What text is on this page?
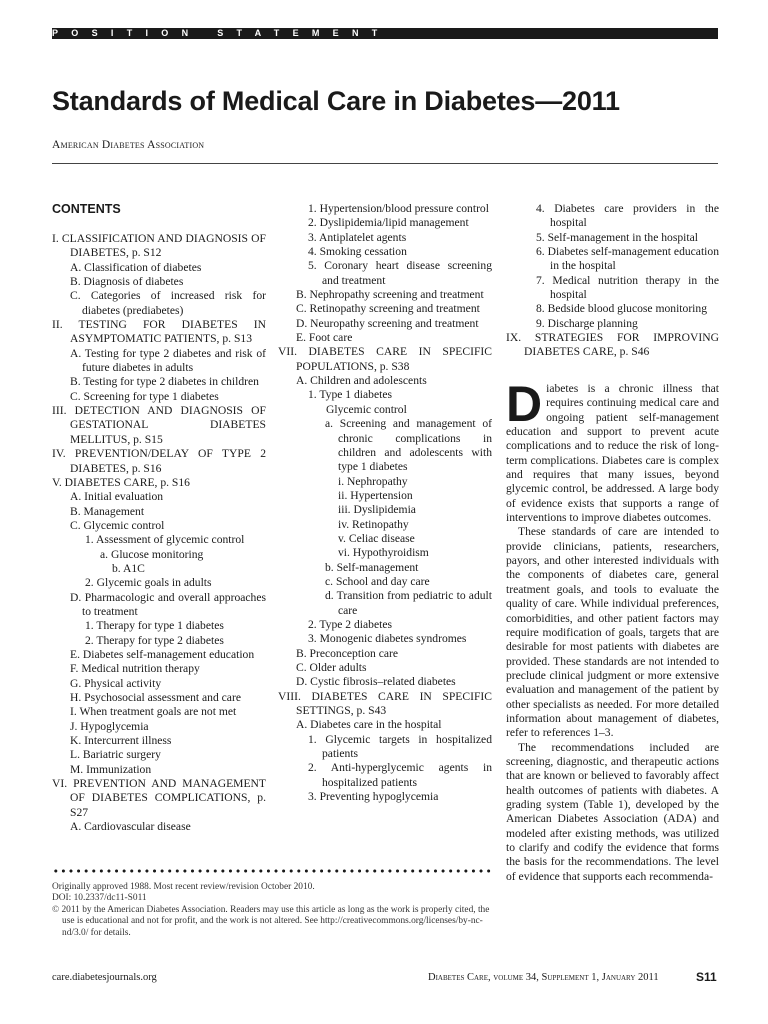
POSITION STATEMENT
Standards of Medical Care in Diabetes—2011
American Diabetes Association
CONTENTS
I. CLASSIFICATION AND DIAGNOSIS OF DIABETES, p. S12
A. Classification of diabetes
B. Diagnosis of diabetes
C. Categories of increased risk for diabetes (prediabetes)
II. TESTING FOR DIABETES IN ASYMPTOMATIC PATIENTS, p. S13
A. Testing for type 2 diabetes and risk of future diabetes in adults
B. Testing for type 2 diabetes in children
C. Screening for type 1 diabetes
III. DETECTION AND DIAGNOSIS OF GESTATIONAL DIABETES MELLITUS, p. S15
IV. PREVENTION/DELAY OF TYPE 2 DIABETES, p. S16
V. DIABETES CARE, p. S16
A. Initial evaluation
B. Management
C. Glycemic control
1. Assessment of glycemic control
a. Glucose monitoring
b. A1C
2. Glycemic goals in adults
D. Pharmacologic and overall approaches to treatment
1. Therapy for type 1 diabetes
2. Therapy for type 2 diabetes
E. Diabetes self-management education
F. Medical nutrition therapy
G. Physical activity
H. Psychosocial assessment and care
I. When treatment goals are not met
J. Hypoglycemia
K. Intercurrent illness
L. Bariatric surgery
M. Immunization
VI. PREVENTION AND MANAGEMENT OF DIABETES COMPLICATIONS, p. S27
A. Cardiovascular disease
1. Hypertension/blood pressure control
2. Dyslipidemia/lipid management
3. Antiplatelet agents
4. Smoking cessation
5. Coronary heart disease screening and treatment
B. Nephropathy screening and treatment
C. Retinopathy screening and treatment
D. Neuropathy screening and treatment
E. Foot care
VII. DIABETES CARE IN SPECIFIC POPULATIONS, p. S38
A. Children and adolescents
1. Type 1 diabetes
Glycemic control
a. Screening and management of chronic complications in children and adolescents with type 1 diabetes
i. Nephropathy
ii. Hypertension
iii. Dyslipidemia
iv. Retinopathy
v. Celiac disease
vi. Hypothyroidism
b. Self-management
c. School and day care
d. Transition from pediatric to adult care
2. Type 2 diabetes
3. Monogenic diabetes syndromes
B. Preconception care
C. Older adults
D. Cystic fibrosis–related diabetes
VIII. DIABETES CARE IN SPECIFIC SETTINGS, p. S43
A. Diabetes care in the hospital
1. Glycemic targets in hospitalized patients
2. Anti-hyperglycemic agents in hospitalized patients
3. Preventing hypoglycemia
4. Diabetes care providers in the hospital
5. Self-management in the hospital
6. Diabetes self-management education in the hospital
7. Medical nutrition therapy in the hospital
8. Bedside blood glucose monitoring
9. Discharge planning
IX. STRATEGIES FOR IMPROVING DIABETES CARE, p. S46

Diabetes is a chronic illness that requires continuing medical care and ongoing patient self-management education and support to prevent acute complications and to reduce the risk of long-term complications. Diabetes care is complex and requires that many issues, beyond glycemic control, be addressed. A large body of evidence exists that supports a range of interventions to improve diabetes outcomes.

These standards of care are intended to provide clinicians, patients, researchers, payors, and other interested individuals with the components of diabetes care, general treatment goals, and tools to evaluate the quality of care. While individual preferences, comorbidities, and other patient factors may require modification of goals, targets that are desirable for most patients with diabetes are provided. These standards are not intended to preclude clinical judgment or more extensive evaluation and management of the patient by other specialists as needed. For more detailed information about management of diabetes, refer to references 1–3.

The recommendations included are screening, diagnostic, and therapeutic actions that are known or believed to favorably affect health outcomes of patients with diabetes. A grading system (Table 1), developed by the American Diabetes Association (ADA) and modeled after existing methods, was utilized to clarify and codify the evidence that forms the basis for the recommendations. The level of evidence that supports each recommenda-

Originally approved 1988. Most recent review/revision October 2010.
DOI: 10.2337/dc11-S011
© 2011 by the American Diabetes Association. Readers may use this article as long as the work is properly cited, the use is educational and not for profit, and the work is not altered. See http://creativecommons.org/licenses/by-nc-nd/3.0/ for details.
care.diabetesjournals.org	Diabetes Care, volume 34, Supplement 1, January 2011	S11
